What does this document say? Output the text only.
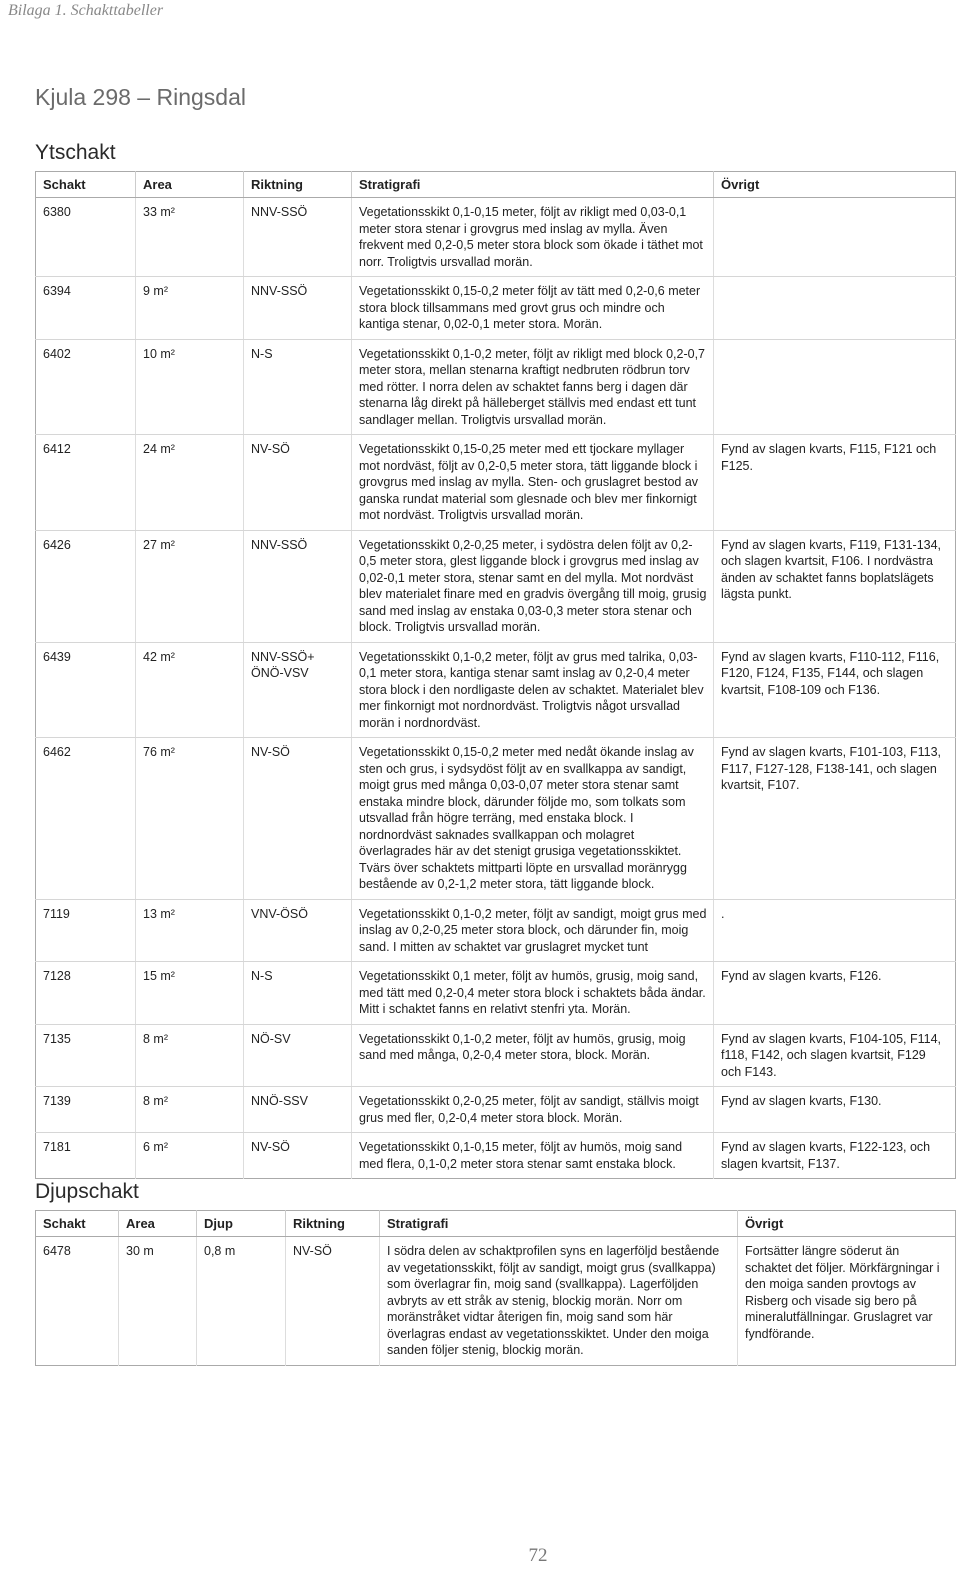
Bilaga 1. Schakttabeller
Kjula 298 – Ringsdal
Ytschakt
Schakt	Area	Riktning	Stratigrafi	Övrigt
6380	33 m²	NNV-SSÖ	Vegetationsskikt 0,1-0,15 meter, följt av rikligt med 0,03-0,1 meter stora stenar i grovgrus med inslag av mylla. Även frekvent med 0,2-0,5 meter stora block som ökade i täthet mot norr. Troligtvis ursvallad morän.	
6394	9 m²	NNV-SSÖ	Vegetationsskikt 0,15-0,2 meter följt av tätt med 0,2-0,6 meter stora block tillsammans med grovt grus och mindre och kantiga stenar, 0,02-0,1 meter stora. Morän.	
6402	10 m²	N-S	Vegetationsskikt 0,1-0,2 meter, följt av rikligt med block 0,2-0,7 meter stora, mellan stenarna kraftigt nedbruten rödbrun torv med rötter. I norra delen av schaktet fanns berg i dagen där stenarna låg direkt på hälleberget ställvis med endast ett tunt sandlager mellan. Troligtvis ursvallad morän.	
6412	24 m²	NV-SÖ	Vegetationsskikt 0,15-0,25 meter med ett tjockare myllager mot nordväst, följt av 0,2-0,5 meter stora, tätt liggande block i grovgrus med inslag av mylla. Sten- och gruslagret bestod av ganska rundat material som glesnade och blev mer finkornigt mot nordväst. Troligtvis ursvallad morän.	Fynd av slagen kvarts, F115, F121 och F125.
6426	27 m²	NNV-SSÖ	Vegetationsskikt 0,2-0,25 meter, i sydöstra delen följt av 0,2-0,5 meter stora, glest liggande block i grovgrus med inslag av 0,02-0,1 meter stora, stenar samt en del mylla. Mot nordväst blev materialet finare med en gradvis övergång till moig, grusig sand med inslag av enstaka 0,03-0,3 meter stora stenar och block. Troligtvis ursvallad morän.	Fynd av slagen kvarts, F119, F131-134, och slagen kvartsit, F106. I nordvästra änden av schaktet fanns boplatslägets lägsta punkt.
6439	42 m²	NNV-SSÖ+ ÖNÖ-VSV	Vegetationsskikt 0,1-0,2 meter, följt av grus med talrika, 0,03-0,1 meter stora, kantiga stenar samt inslag av 0,2-0,4 meter stora block i den nordligaste delen av schaktet. Materialet blev mer finkornigt mot nordnordväst. Troligtvis något ursvallad morän i nordnordväst.	Fynd av slagen kvarts, F110-112, F116, F120, F124, F135, F144, och slagen kvartsit, F108-109 och F136.
6462	76 m²	NV-SÖ	Vegetationsskikt 0,15-0,2 meter med nedåt ökande inslag av sten och grus, i sydsydöst följt av en svallkappa av sandigt, moigt grus med många 0,03-0,07 meter stora stenar samt enstaka mindre block, därunder följde mo, som tolkats som utsvallad från högre terräng, med enstaka block. I nordnordväst saknades svallkappan och molagret överlagrades här av det stenigt grusiga vegetationsskiktet. Tvärs över schaktets mittparti löpte en ursvallad moränrygg bestående av 0,2-1,2 meter stora, tätt liggande block.	Fynd av slagen kvarts, F101-103, F113, F117, F127-128, F138-141, och slagen kvartsit, F107.
7119	13 m²	VNV-ÖSÖ	Vegetationsskikt 0,1-0,2 meter, följt av sandigt, moigt grus med inslag av 0,2-0,25 meter stora block, och därunder fin, moig sand. I mitten av schaktet var gruslagret mycket tunt	.
7128	15 m²	N-S	Vegetationsskikt 0,1 meter, följt av humös, grusig, moig sand, med tätt med 0,2-0,4 meter stora block i schaktets båda ändar. Mitt i schaktet fanns en relativt stenfri yta. Morän.	Fynd av slagen kvarts, F126.
7135	8 m²	NÖ-SV	Vegetationsskikt 0,1-0,2 meter, följt av humös, grusig, moig sand med många, 0,2-0,4 meter stora, block. Morän.	Fynd av slagen kvarts, F104-105, F114, f118, F142, och slagen kvartsit, F129 och F143.
7139	8 m²	NNÖ-SSV	Vegetationsskikt 0,2-0,25 meter, följt av sandigt, ställvis moigt grus med fler, 0,2-0,4 meter stora block. Morän.	Fynd av slagen kvarts, F130.
7181	6 m²	NV-SÖ	Vegetationsskikt 0,1-0,15 meter, följt av humös, moig sand med flera, 0,1-0,2 meter stora stenar samt enstaka block.	Fynd av slagen kvarts, F122-123, och slagen kvartsit, F137.
Djupschakt
Schakt	Area	Djup	Riktning	Stratigrafi	Övrigt
6478	30 m	0,8 m	NV-SÖ	I södra delen av schaktprofilen syns en lagerföljd bestående av vegetationsskikt, följt av sandigt, moigt grus (svallkappa) som överlagrar fin, moig sand (svallkappa). Lagerföljden avbryts av ett stråk av stenig, blockig morän. Norr om moränstråket vidtar återigen fin, moig sand som här överlagras endast av vegetationsskiktet. Under den moiga sanden följer stenig, blockig morän.	Fortsätter längre söderut än schaktet det följer. Mörkfärgningar i den moiga sanden provtogs av Risberg och visade sig bero på mineralutfällningar. Gruslagret var fyndförande.
72
